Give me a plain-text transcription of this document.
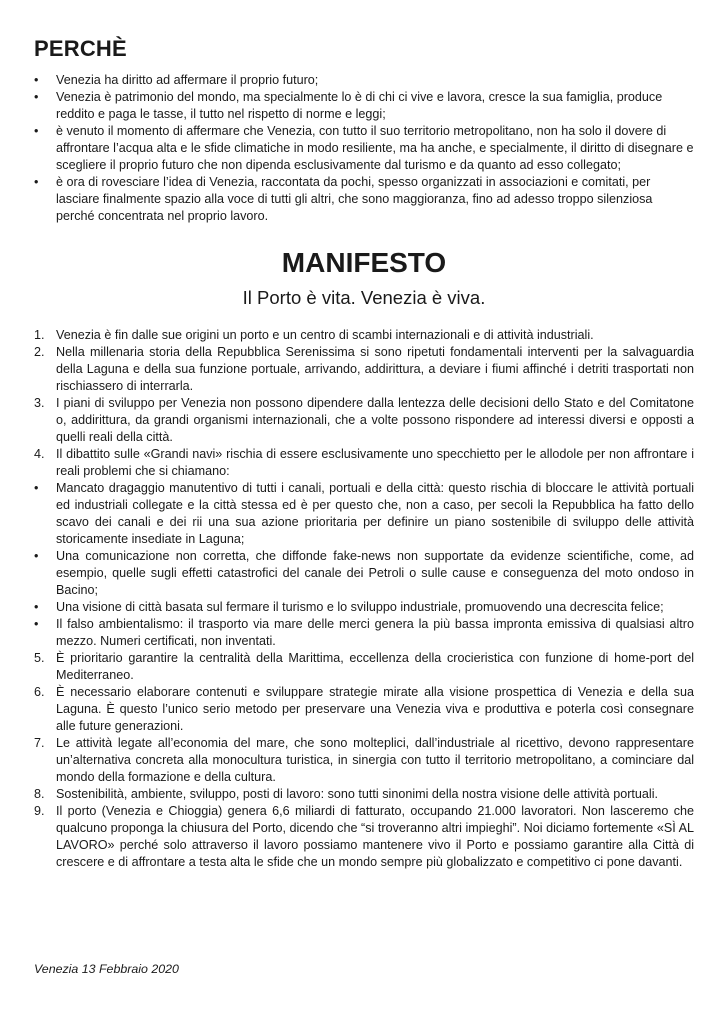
PERCHÈ
•	Venezia ha diritto ad affermare il proprio futuro;
•	Venezia è patrimonio del mondo, ma specialmente lo è di chi ci vive e lavora, cresce la sua famiglia, produce reddito e paga le tasse, il tutto nel rispetto di norme e leggi;
•	è venuto il momento di affermare che Venezia, con tutto il suo territorio metropolitano, non ha solo il dovere di affrontare l’acqua alta e le sfide climatiche in modo resiliente, ma ha anche, e specialmente, il diritto di disegnare e scegliere il proprio futuro che non dipenda esclusivamente dal turismo e da quanto ad esso collegato;
•	è ora di rovesciare l’idea di Venezia, raccontata da pochi, spesso organizzati in associazioni e comitati, per lasciare finalmente spazio alla voce di tutti gli altri, che sono maggioranza, fino ad adesso troppo silenziosa perché concentrata nel proprio lavoro.
MANIFESTO
Il Porto è vita. Venezia è viva.
1. Venezia è fin dalle sue origini un porto e un centro di scambi internazionali e di attività industriali.
2. Nella millenaria storia della Repubblica Serenissima si sono ripetuti fondamentali interventi per la salvaguardia della Laguna e della sua funzione portuale, arrivando, addirittura, a deviare i fiumi affinché i detriti trasportati non rischiassero di interrarla.
3. I piani di sviluppo per Venezia non possono dipendere dalla lentezza delle decisioni dello Stato e del Comitatone o, addirittura, da grandi organismi internazionali, che a volte possono rispondere ad interessi diversi e opposti a quelli reali della città.
4. Il dibattito sulle «Grandi navi» rischia di essere esclusivamente uno specchietto per le allodole per non affrontare i reali problemi che si chiamano:
•	Mancato dragaggio manutentivo di tutti i canali, portuali e della città: questo rischia di bloccare le attività portuali ed industriali collegate e la città stessa ed è per questo che, non a caso, per secoli la Repubblica ha fatto dello scavo dei canali e dei rii una sua azione prioritaria per definire un piano sostenibile di sviluppo delle attività storicamente insediate in Laguna;
•	Una comunicazione non corretta, che diffonde fake-news non supportate da evidenze scientifiche, come, ad esempio, quelle sugli effetti catastrofici del canale dei Petroli o sulle cause e conseguenza del moto ondoso in Bacino;
•	Una visione di città basata sul fermare il turismo e lo sviluppo industriale, promuovendo una decrescita felice;
•	Il falso ambientalismo: il trasporto via mare delle merci genera la più bassa impronta emissiva di qualsiasi altro mezzo. Numeri certificati, non inventati.
5. È prioritario garantire la centralità della Marittima, eccellenza della crocieristica con funzione di home-port del Mediterraneo.
6. È necessario elaborare contenuti e sviluppare strategie mirate alla visione prospettica di Venezia e della sua Laguna. È questo l’unico serio metodo per preservare una Venezia viva e produttiva e poterla così consegnare alle future generazioni.
7. Le attività legate all’economia del mare, che sono molteplici, dall’industriale al ricettivo, devono rappresentare un’alternativa concreta alla monocultura turistica, in sinergia con tutto il territorio metropolitano, a cominciare dal mondo della formazione e della cultura.
8. Sostenibilità, ambiente, sviluppo, posti di lavoro: sono tutti sinonimi della nostra visione delle attività portuali.
9. Il porto (Venezia e Chioggia) genera 6,6 miliardi di fatturato, occupando 21.000 lavoratori. Non lasceremo che qualcuno proponga la chiusura del Porto, dicendo che “si troveranno altri impieghi”. Noi diciamo fortemente «SÌ AL LAVORO» perché solo attraverso il lavoro possiamo mantenere vivo il Porto e possiamo garantire alla Città di crescere e di affrontare a testa alta le sfide che un mondo sempre più globalizzato e competitivo ci pone davanti.
Venezia 13 Febbraio 2020
